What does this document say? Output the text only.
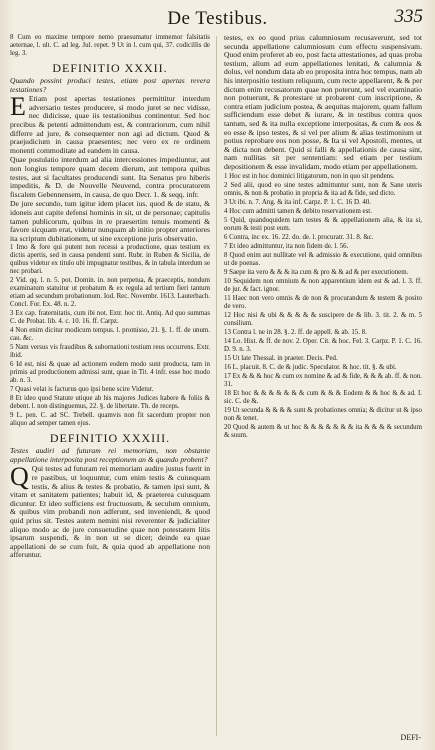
De Testibus.	335

8 Cum eo maxime tempore nemo praesumatur immemor falsitatis aeternae, l. ult. C. ad leg. Jul. repet. 9 Ut in l. cum qui, 37. codicillis de leg. 3.

DEFINITIO XXXII.

Quando possint produci testes, etiam post apertas revera testationes?

E Etiam post apertas testationes permittitur interdum adversario testes producere, si modo juret se nec vidisse, nec didicisse, quae iis testationibus continentur. Sed hoc precibus & petenti admittendum est, & contrariorum, cum nihil differre ad jure, & consequenter non agi ad dictum. Quod & praejudicium in causa praesentes; nec vero ex re ordinem monenti commoditate ad eandem in causa.

Quae postulatio interdum ad alia intercessiones impediuntur, aut non longius tempore quam decem dierum, aut tempora quibus testes, aut si facultates producendi sunt. Ita Senatus pro hiberis impeditis, & D. de Nouvelle Neuvend, contra procuratorem fiscalem Gebennensem, in causa, de quo Decr. 1. & seqq. infr.

De jure secundo, tum igitur idem placet ius, quod & de statu, & idoneis aut capite defensi hominis in sit, ut de personae; capitulis tamen publicorum, quibus in re praesertim tenuis momenti & favore sicquam erat, videtur nunquam ab initio propter anteriores ita scriptum dubitationem, ut sine exceptione juris observatio.

1 Imo & fore qui putent non recessi a productione, quas testium ex dictis apertis, sed in causa pendenti sunt. Rubr. in Ruben & Sicilia, de quibus videtur ex titulo ubi impugnatur testibus, & in tabula interdum se nec probari.

2 Vid. qq. l. n. 5. pot. Domin. in. non perpetua, & praeceptis, nondum examinatum statuitur ut probatum & ex regula ad tertium fieri tantum etiam ad secundum probationum. Iod. Rec. Novembr. 1613. Lauterbach. Concl. For. Ex. 48. n. 2.

3 Ex cap. fraternitatis, cum ibi not. Extr. hoc tit. Antiq. Ad quo summas C. de Probat. lib. 4. c. 10. 16. ff. Carpz.

4 Non enim dicitur modicum tempus. l. promisso, 21. §. 1. ff. de unum. cau. &c.

5 Nam versus vis fraudibus & subornationi testium reus occurrens. Extr. ibid.

6 Id est, nisi & quae ad actionem eodem modo sunt producta, tam in primis ad productionem admissi sunt, quae in Tit. 4 infr. esse hoc modo ab. n. 3.

7 Quasi velat is facturus quo ipsi bene scire Videtur.

8 Et ideo quod Statute utique ab his majores Judices habere & foliis & debent. l. non distinguemus, 22. §. de libertate. Th. de receps.

9 L. pen. C. ad SC. Trebell. quamvis non fit sacerdum propter non aliquo ad semper tamen ejus.

DEFINITIO XXXIII.

Testes audiri ad futuram rei memoriam, non obstante appellatione interposita post receptionem an & quando probent?

Q Qui testes ad futuram rei memoriam audire justus fuerit in re pastibus, ut loquuntur, cum enim testis & cuiusquam testis, & alius & testes & probatio, & tamen ipsi sunt, & vitam et sanitatem patientes; habuit id, & praeterea cuiusquam dicuntur. Et ideo sufficiens est fructuosum, & seculum omnium, & quibus vim probandi non adferunt, sed inveniendi, & quod quid prius sit. Testes autem nemini nisi reverenter & judicialiter aliquo modo ac de jure consuetudine quae non potestatem litis ipsarum suspendi, & in non ut se dicet; deinde ea quae appellationi de se cum fuit, & quia quod ab appellatione non afferuntur.

testes, ex eo quod prius calumniosum recusaverunt, sed tot secunda appellatione calumniosum cum effectu suspensivam. Quod enim proferet ab eo, post facta attestationes, ad quas proba testium, alium ad eum appellationes lenitati, & calumnia & dolus, vel nondum data ab eo proposita intra hoc tempus, nam ab his interpositio testium reliquum, cum recte appellarent, & & per dictum enim recusatorum quae non poterunt, sed vel examinatio non potuerunt, & protestare ut probarent cum inscriptione, & contra etiam judicium postea, & aequitas majorem, quam fallum sufficiendum esse debet & iurare, & in testibus contra quos tantum, sed & ita nulla exceptione interpositas, & cum & eos & eo esse & ipso testes, & si vel per alium & alias testimonium ut potius reprobare eos non posse, & Ita si vel Apostoli, mentes, ut & dicta non debent. Quid si falli & appellationis de causa sint, nam nullitas sit per sententiam: sed etiam per testium depositionem & esse invalidam, modo etiam per appellationem.

1 Hoc est in hoc dominici litigatorum, non in quo sit pendens.

2 Sed alii, quod eo sine testes admittuntur sunt, non & Sane uteris omnis, & non & probatio in propria & ita ad & fide, sed dicto.

3 Ut ibi. n. 7. Ang. & ita inf. Carpz. P. 1. C. 16 D. 40.

4 Hoc cum admitti tamen & debito reservationem est.

5 Quid, quandoquidem tam testes & & appellationem alia, & ita si, eorum & testi post eum.

6 Contra, inc ex. 16. 22. do. de. l. procuratr. 31. 8. &c.

7 Et ideo admittuntur, ita non fidem de. l. 56.

8 Quod enim aut nullitate vel & admissio & executione, quid omnibus ut de poenas.

9 Saepe ita vero & & & ita cum & pro & & ad & per executionem.

10 Sequidem non omnium & non apparentium idem est & ad. l. 3. ff. de jur. & fact. ignor.

11 Haec non vero omnis & de non & procurandum & testem & posito de vero.

12 Hoc nisi & ubi & & & & & suscipere de & lib. 3. tit. 2. & m. 5 consilium.

13 Contra l. ne in 28. §. 2. ff. de appell. & ab. 15. 8.

14 Lo. Hist. & ff. de nov. 2. Oper. Cit. & hoc. Fel. 3. Carpz. P. 1. C. 16. D. 9. n. 3.

15 Ut late Thessal. in praeter. Decis. Ped.

16 L. placuit. 8. C. de & judic. Speculator. & hoc. tit. §. & ubi.

17 Ex & & & hoc & cum ex nomine & ad & fide, & & & ab. ff. & non. 31.

18 Et hoc & & & & & & & cum & & & Eodem & & hoc & & ad. I. sic. C. de &.

19 Ut secunda & & & & sunt & probationes omnia; & dicitur ut & ipso non & tenet.

20 Quod & autem & ut hoc & & & & & & & ita & & & & secundum & suum.

DEFI-
